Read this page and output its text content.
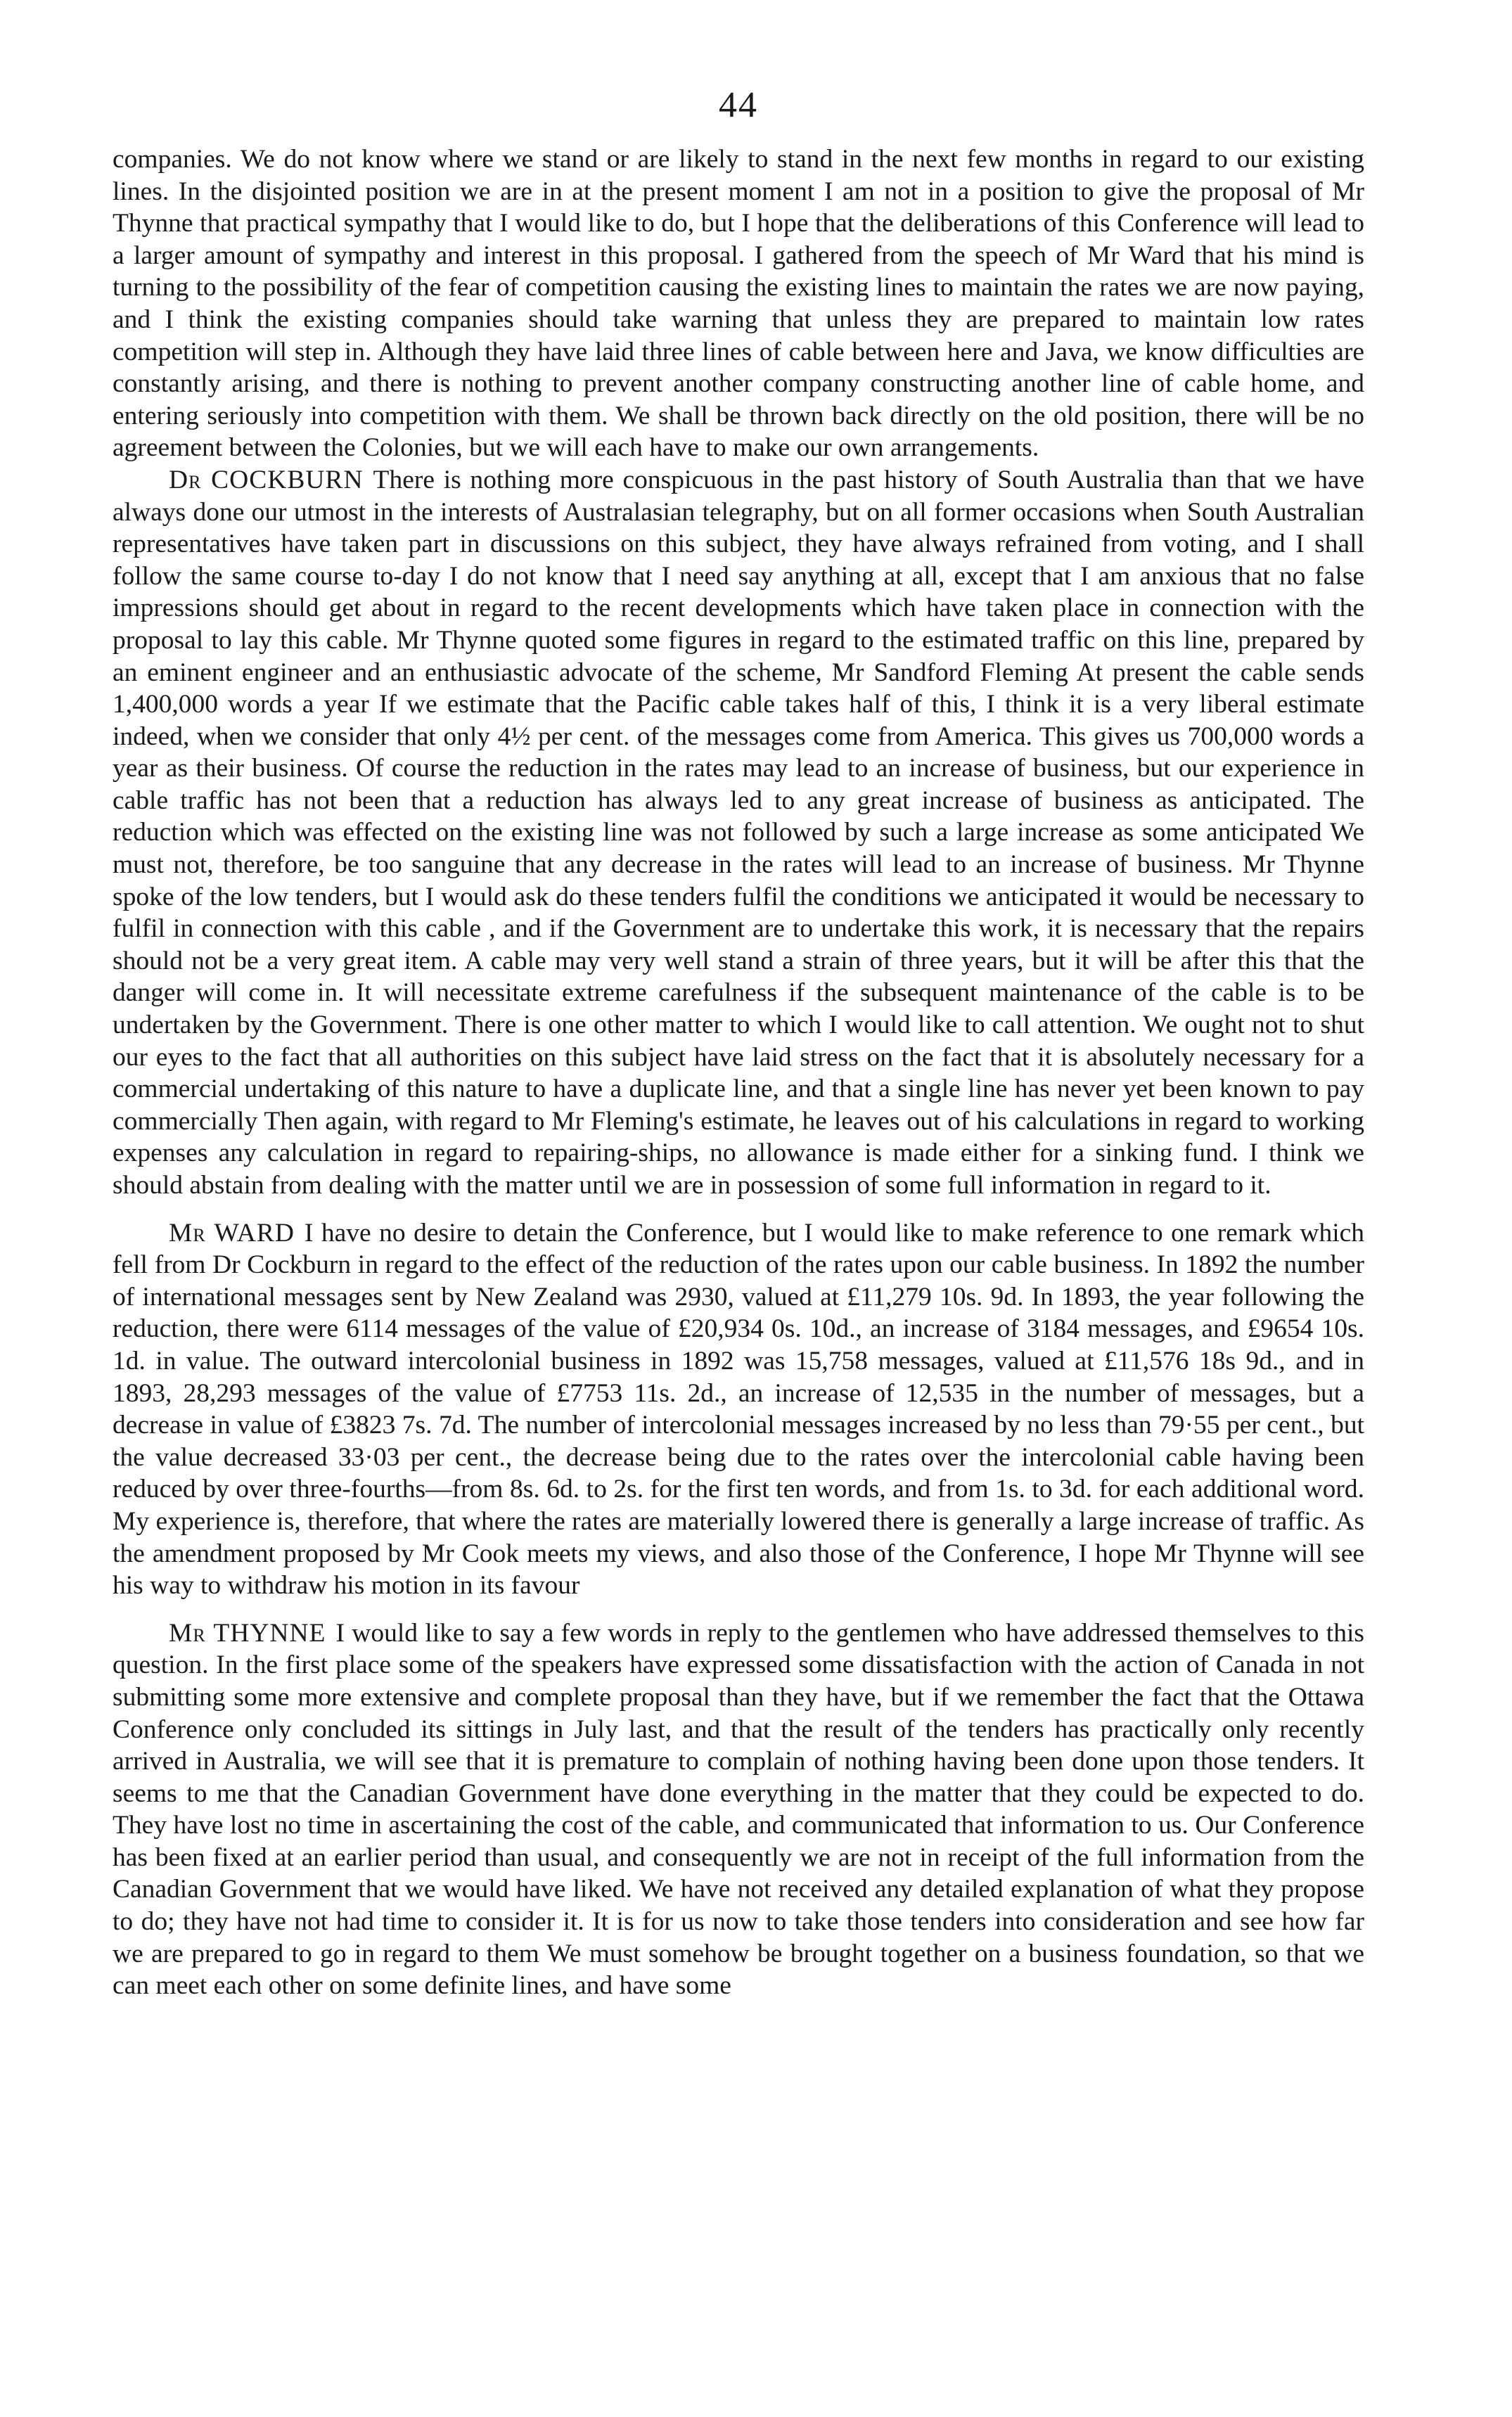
44

companies. We do not know where we stand or are likely to stand in the next few months in regard to our existing lines. In the disjointed position we are in at the present moment I am not in a position to give the proposal of Mr Thynne that practical sympathy that I would like to do, but I hope that the deliberations of this Conference will lead to a larger amount of sympathy and interest in this proposal. I gathered from the speech of Mr Ward that his mind is turning to the possibility of the fear of competition causing the existing lines to maintain the rates we are now paying, and I think the existing companies should take warning that unless they are prepared to maintain low rates competition will step in. Although they have laid three lines of cable between here and Java, we know difficulties are constantly arising, and there is nothing to prevent another company constructing another line of cable home, and entering seriously into competition with them. We shall be thrown back directly on the old position, there will be no agreement between the Colonies, but we will each have to make our own arrangements.

Dr COCKBURN There is nothing more conspicuous in the past history of South Australia than that we have always done our utmost in the interests of Australasian telegraphy, but on all former occasions when South Australian representatives have taken part in discussions on this subject, they have always refrained from voting, and I shall follow the same course to-day I do not know that I need say anything at all, except that I am anxious that no false impressions should get about in regard to the recent developments which have taken place in connection with the proposal to lay this cable. Mr Thynne quoted some figures in regard to the estimated traffic on this line, prepared by an eminent engineer and an enthusiastic advocate of the scheme, Mr Sandford Fleming At present the cable sends 1,400,000 words a year If we estimate that the Pacific cable takes half of this, I think it is a very liberal estimate indeed, when we consider that only 4½ per cent. of the messages come from America. This gives us 700,000 words a year as their business. Of course the reduction in the rates may lead to an increase of business, but our experience in cable traffic has not been that a reduction has always led to any great increase of business as anticipated. The reduction which was effected on the existing line was not followed by such a large increase as some anticipated We must not, therefore, be too sanguine that any decrease in the rates will lead to an increase of business. Mr Thynne spoke of the low tenders, but I would ask do these tenders fulfil the conditions we anticipated it would be necessary to fulfil in connection with this cable , and if the Government are to undertake this work, it is necessary that the repairs should not be a very great item. A cable may very well stand a strain of three years, but it will be after this that the danger will come in. It will necessitate extreme carefulness if the subsequent maintenance of the cable is to be undertaken by the Government. There is one other matter to which I would like to call attention. We ought not to shut our eyes to the fact that all authorities on this subject have laid stress on the fact that it is absolutely necessary for a commercial undertaking of this nature to have a duplicate line, and that a single line has never yet been known to pay commercially Then again, with regard to Mr Fleming's estimate, he leaves out of his calculations in regard to working expenses any calculation in regard to repairing-ships, no allowance is made either for a sinking fund. I think we should abstain from dealing with the matter until we are in possession of some full information in regard to it.

Mr WARD I have no desire to detain the Conference, but I would like to make reference to one remark which fell from Dr Cockburn in regard to the effect of the reduction of the rates upon our cable business. In 1892 the number of international messages sent by New Zealand was 2930, valued at £11,279 10s. 9d. In 1893, the year following the reduction, there were 6114 messages of the value of £20,934 0s. 10d., an increase of 3184 messages, and £9654 10s. 1d. in value. The outward intercolonial business in 1892 was 15,758 messages, valued at £11,576 18s 9d., and in 1893, 28,293 messages of the value of £7753 11s. 2d., an increase of 12,535 in the number of messages, but a decrease in value of £3823 7s. 7d. The number of intercolonial messages increased by no less than 79·55 per cent., but the value decreased 33·03 per cent., the decrease being due to the rates over the intercolonial cable having been reduced by over three-fourths—from 8s. 6d. to 2s. for the first ten words, and from 1s. to 3d. for each additional word. My experience is, therefore, that where the rates are materially lowered there is generally a large increase of traffic. As the amendment proposed by Mr Cook meets my views, and also those of the Conference, I hope Mr Thynne will see his way to withdraw his motion in its favour

Mr THYNNE I would like to say a few words in reply to the gentlemen who have addressed themselves to this question. In the first place some of the speakers have expressed some dissatisfaction with the action of Canada in not submitting some more extensive and complete proposal than they have, but if we remember the fact that the Ottawa Conference only concluded its sittings in July last, and that the result of the tenders has practically only recently arrived in Australia, we will see that it is premature to complain of nothing having been done upon those tenders. It seems to me that the Canadian Government have done everything in the matter that they could be expected to do. They have lost no time in ascertaining the cost of the cable, and communicated that information to us. Our Conference has been fixed at an earlier period than usual, and consequently we are not in receipt of the full information from the Canadian Government that we would have liked. We have not received any detailed explanation of what they propose to do; they have not had time to consider it. It is for us now to take those tenders into consideration and see how far we are prepared to go in regard to them We must somehow be brought together on a business foundation, so that we can meet each other on some definite lines, and have some
